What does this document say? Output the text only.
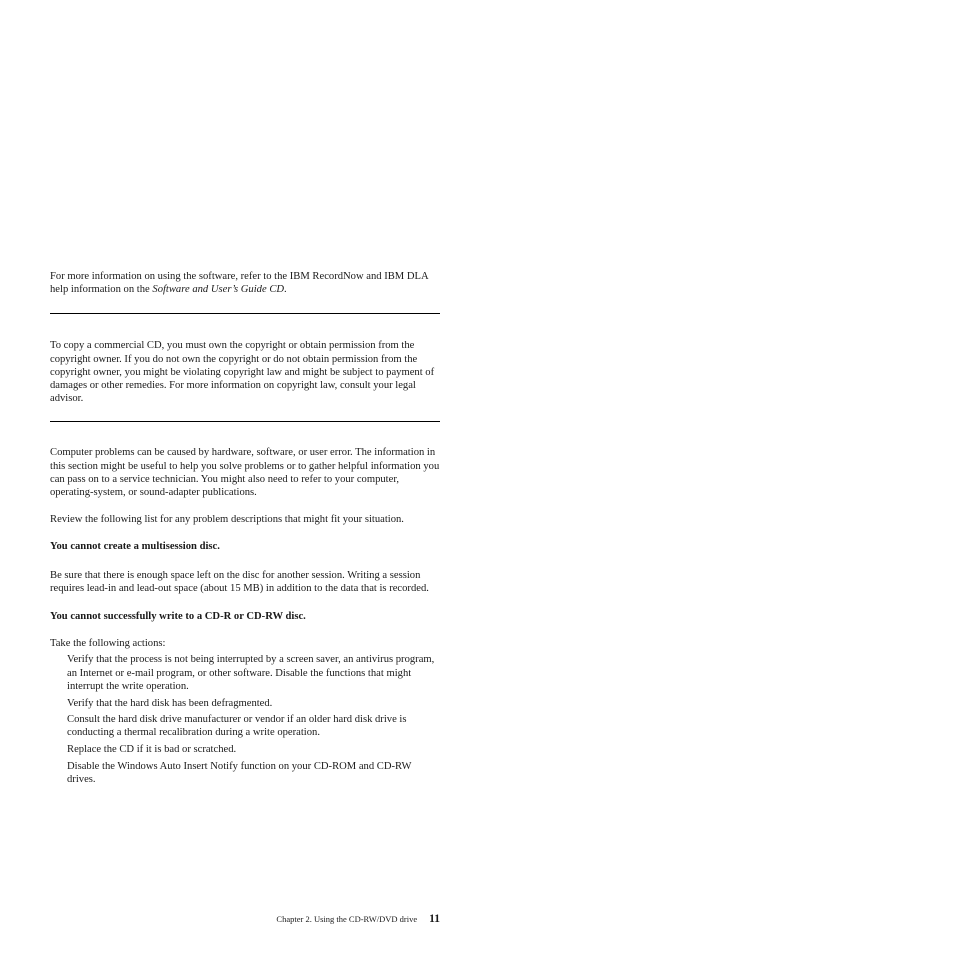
For more information on using the software, refer to the IBM RecordNow and IBM DLA help information on the Software and User’s Guide CD.

To copy a commercial CD, you must own the copyright or obtain permission from the copyright owner. If you do not own the copyright or do not obtain permission from the copyright owner, you might be violating copyright law and might be subject to payment of damages or other remedies. For more information on copyright law, consult your legal advisor.

Computer problems can be caused by hardware, software, or user error. The information in this section might be useful to help you solve problems or to gather helpful information you can pass on to a service technician. You might also need to refer to your computer, operating-system, or sound-adapter publications.

Review the following list for any problem descriptions that might fit your situation.

You cannot create a multisession disc.

Be sure that there is enough space left on the disc for another session. Writing a session requires lead-in and lead-out space (about 15 MB) in addition to the data that is recorded.

You cannot successfully write to a CD-R or CD-RW disc.

Take the following actions:

Verify that the process is not being interrupted by a screen saver, an antivirus program, an Internet or e-mail program, or other software. Disable the functions that might interrupt the write operation.
Verify that the hard disk has been defragmented.
Consult the hard disk drive manufacturer or vendor if an older hard disk drive is conducting a thermal recalibration during a write operation.
Replace the CD if it is bad or scratched.
Disable the Windows Auto Insert Notify function on your CD-ROM and CD-RW drives.
Chapter 2. Using the CD-RW/DVD drive 11
